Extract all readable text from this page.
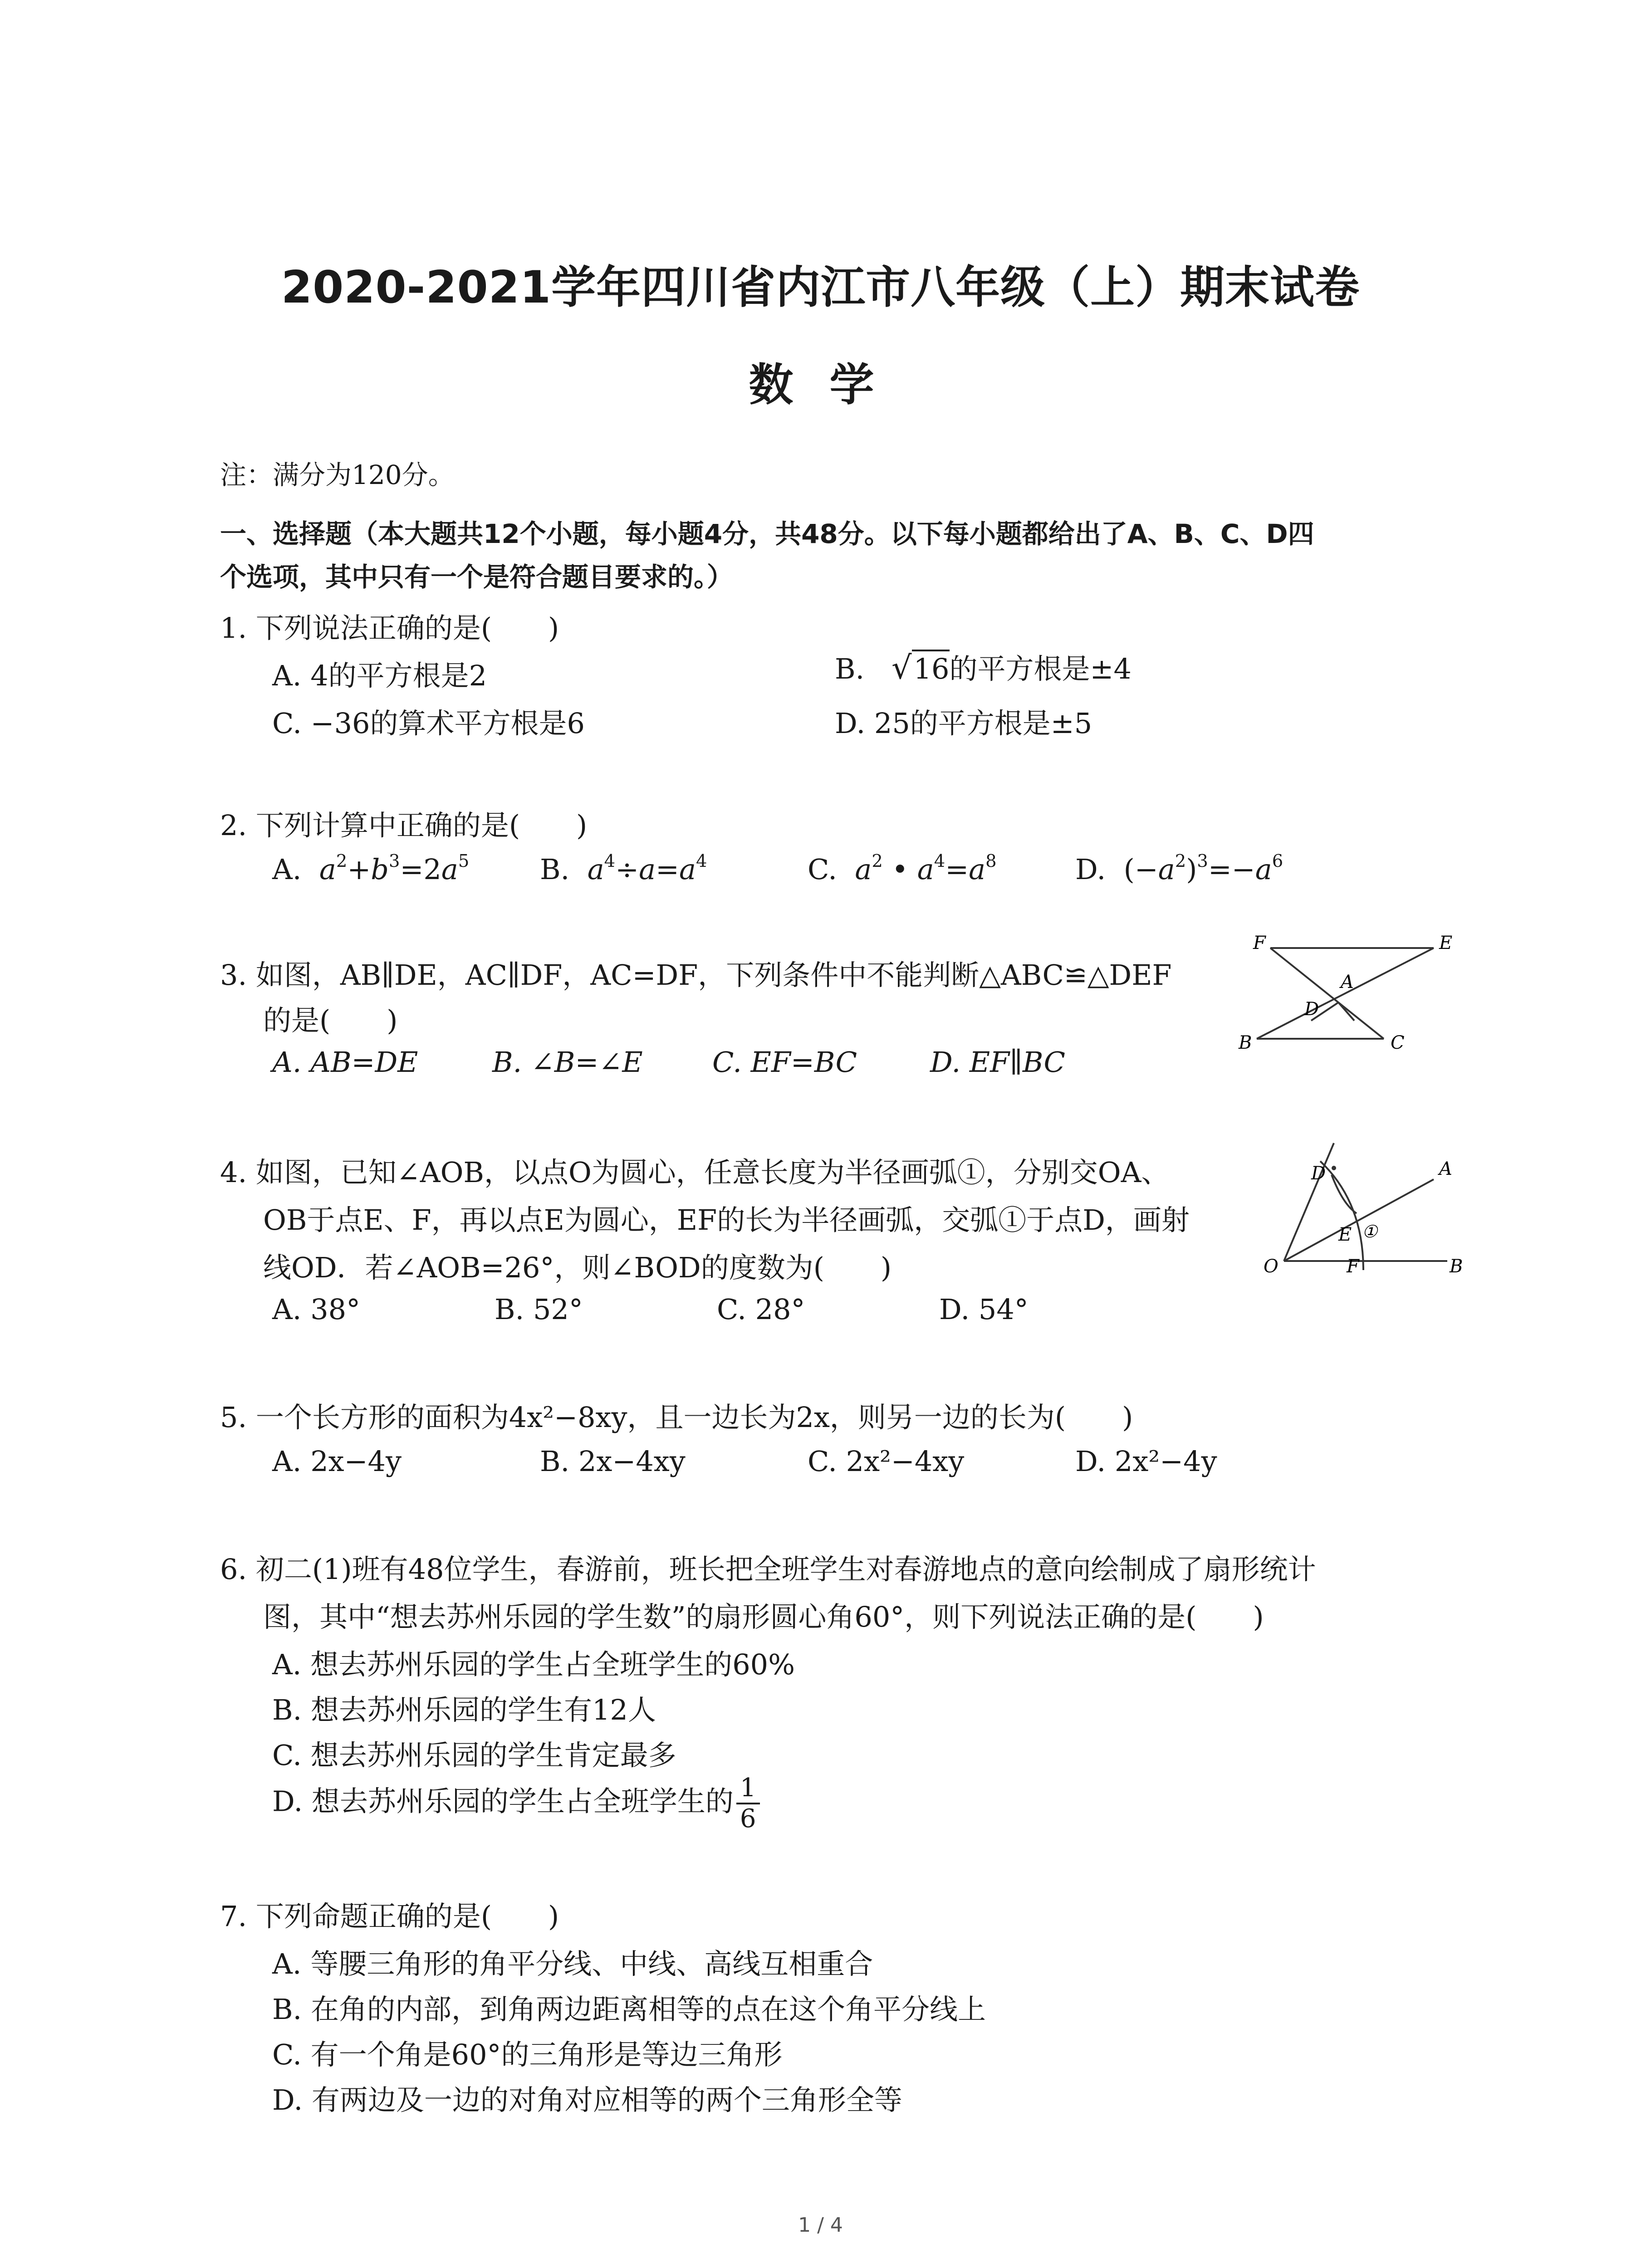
2020-2021学年四川省内江市八年级（上）期末试卷
数学
注：满分为120分。
一、选择题（本大题共12个小题，每小题4分，共48分。以下每小题都给出了A、B、C、D四
个选项，其中只有一个是符合题目要求的。）
1. 下列说法正确的是(　　)
A. 4的平方根是2	B. √16的平方根是±4
C. −36的算术平方根是6	D. 25的平方根是±5
2. 下列计算中正确的是(　　)
A. $a^2+b^3=2a^5$	B. $a^4\div a=a^4$	C. $a^2$ • $a^4=a^8$	D. $(-a^2)^3=-a^6$
3. 如图，AB∥DE，AC∥DF，AC=DF，下列条件中不能判断△ABC≌△DEF
的是(　　)
A. AB=DE	B. ∠B=∠E C. EF=BC	D. EF∥BC
F	E
A
D
B	C
4. 如图，已知∠AOB，以点O为圆心，任意长度为半径画弧①，分别交OA、
OB于点E、F，再以点E为圆心，EF的长为半径画弧，交弧①于点D，画射
线OD．若∠AOB=26°，则∠BOD的度数为(　　)
A. 38°	B. 52°	C. 28°	D. 54°
D	A
E ①
O	F	B
5. 一个长方形的面积为4x²−8xy，且一边长为2x，则另一边的长为(　　)
A. 2x−4y	B. 2x−4xy	C. 2x²−4xy	D. 2x²−4y
6. 初二(1)班有48位学生，春游前，班长把全班学生对春游地点的意向绘制成了扇形统计
图，其中“想去苏州乐园的学生数”的扇形圆心角60°，则下列说法正确的是(　　)
A. 想去苏州乐园的学生占全班学生的60%
B. 想去苏州乐园的学生有12人
C. 想去苏州乐园的学生肯定最多
D. 想去苏州乐园的学生占全班学生的 $\frac{1}{6}$
7. 下列命题正确的是(　　)
A. 等腰三角形的角平分线、中线、高线互相重合
B. 在角的内部，到角两边距离相等的点在这个角平分线上
C. 有一个角是60°的三角形是等边三角形
D. 有两边及一边的对角对应相等的两个三角形全等
1 / 4
